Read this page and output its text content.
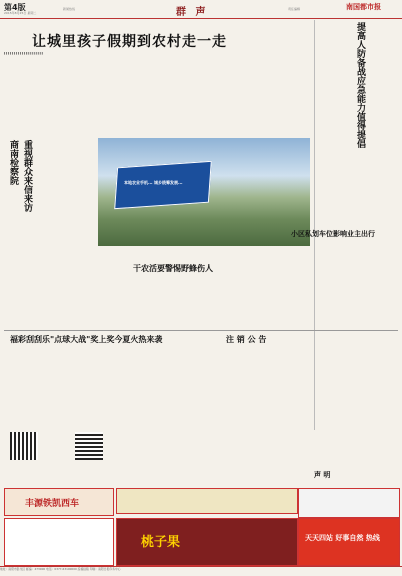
第4版
2015年8月25日 星期二
新闻热线	群 声	责任编辑	南国都市报
让城里孩子假期到农村走一走
▍▍▍▍▍▍▍▍▍▍▍▍▍▍▍▍▍▍▍▍	提高人防备战应急能力值得提倡
商南检察院 重视群众来信来访	本地农业手机... 城乡统筹发展...
干农活要警惕野蜂伤人
小区私划车位影响业主出行
福彩刮刮乐"点球大战"奖上奖今夏火热来袭	注 销 公 告
声 明
丰源铁凯西车
桃子果	天天四站 好事自然 热线
地址：南阳市卧龙区 邮编：473000 电话：0377-63100000 投稿信箱 印刷：南阳日报印务中心
